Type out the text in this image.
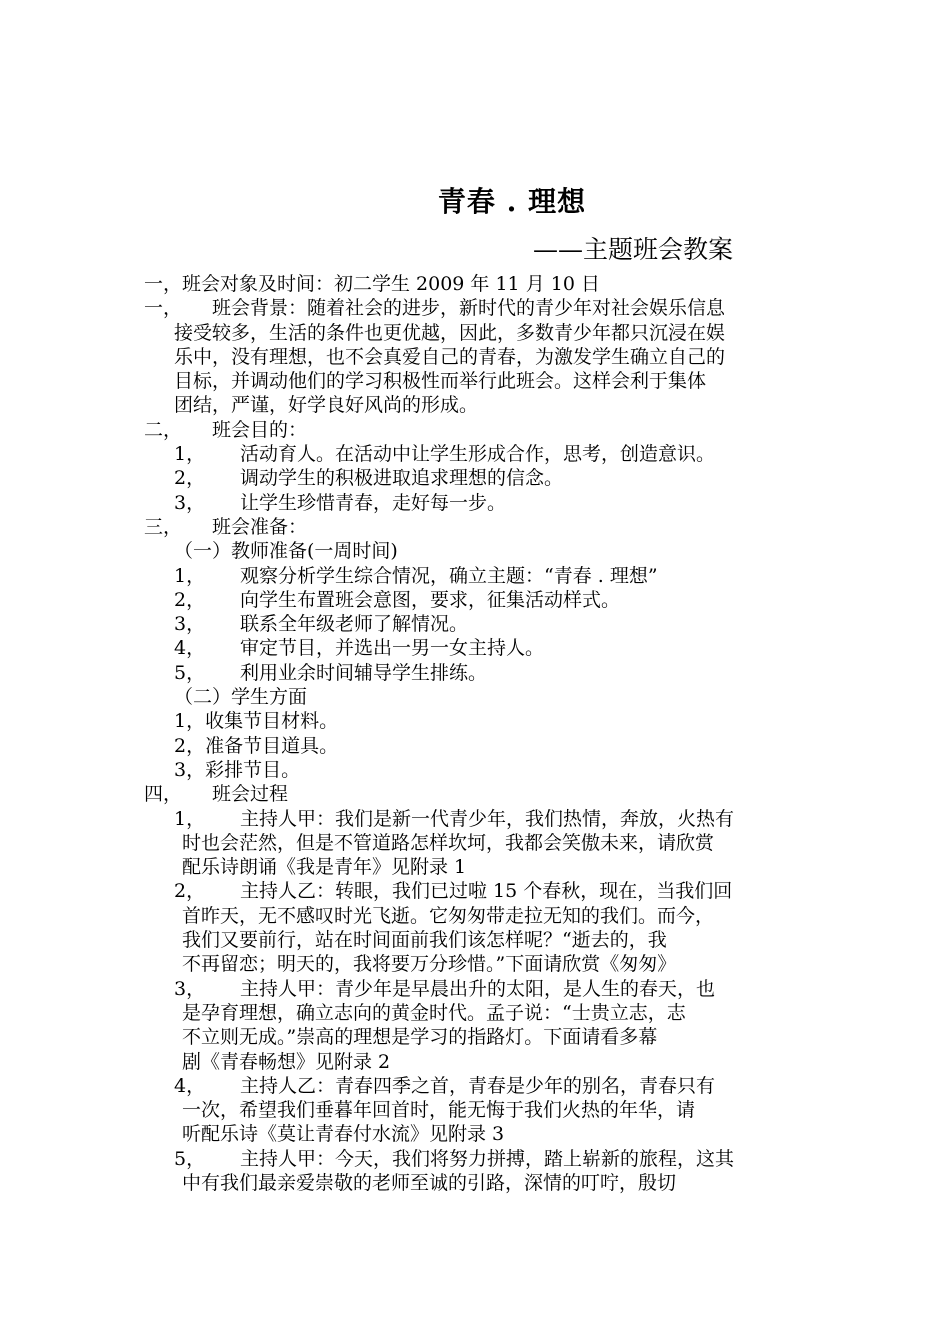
青春 . 理想
——主题班会教案
一，班会对象及时间：初二学生 2009 年 11 月 10 日
一， 班会背景：随着社会的进步，新时代的青少年对社会娱乐信息
接受较多，生活的条件也更优越，因此，多数青少年都只沉浸在娱
乐中，没有理想，也不会真爱自己的青春，为激发学生确立自己的
目标，并调动他们的学习积极性而举行此班会。这样会利于集体
团结，严谨，好学良好风尚的形成。
二， 班会目的：
1， 活动育人。在活动中让学生形成合作，思考，创造意识。
2， 调动学生的积极进取追求理想的信念。
3， 让学生珍惜青春，走好每一步。
三， 班会准备：
（一）教师准备(一周时间)
1， 观察分析学生综合情况，确立主题：“青春 . 理想”
2， 向学生布置班会意图，要求，征集活动样式。
3， 联系全年级老师了解情况。
4， 审定节目，并选出一男一女主持人。
5， 利用业余时间辅导学生排练。
（二）学生方面
1，收集节目材料。
2，准备节目道具。
3，彩排节目。
四， 班会过程
1， 主持人甲：我们是新一代青少年，我们热情，奔放，火热有
时也会茫然，但是不管道路怎样坎坷，我都会笑傲未来，请欣赏
配乐诗朗诵《我是青年》见附录 1
2， 主持人乙：转眼，我们已过啦 15 个春秋，现在，当我们回
首昨天，无不感叹时光飞逝。它匆匆带走拉无知的我们。而今，
我们又要前行，站在时间面前我们该怎样呢？“逝去的，我
不再留恋；明天的，我将要万分珍惜。”下面请欣赏《匆匆》
3， 主持人甲：青少年是早晨出升的太阳，是人生的春天，也
是孕育理想，确立志向的黄金时代。孟子说：“士贵立志，志
不立则无成。”崇高的理想是学习的指路灯。下面请看多幕
剧《青春畅想》见附录 2
4， 主持人乙：青春四季之首，青春是少年的别名，青春只有
一次，希望我们垂暮年回首时，能无悔于我们火热的年华，请
听配乐诗《莫让青春付水流》见附录 3
5， 主持人甲：今天，我们将努力拼搏，踏上崭新的旅程，这其
中有我们最亲爱崇敬的老师至诚的引路，深情的叮咛，殷切
